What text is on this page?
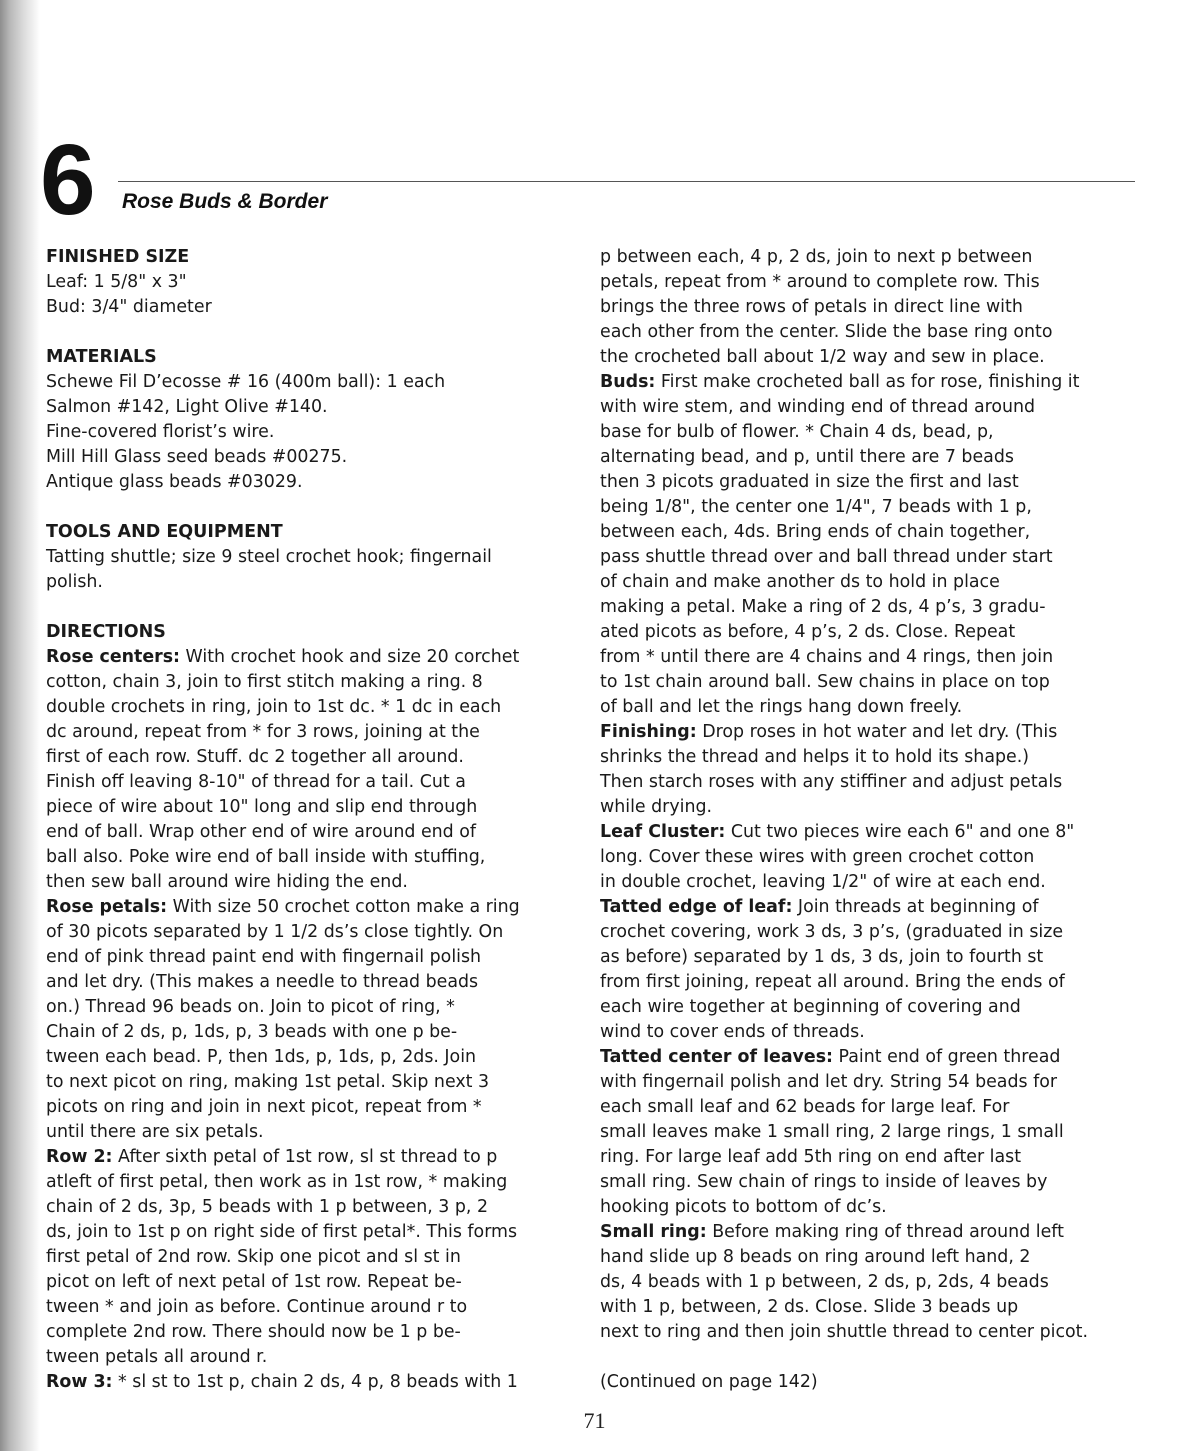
6 Rose Buds & Border
FINISHED SIZE
Leaf: 1 5/8" x 3"
Bud: 3/4" diameter
MATERIALS
Schewe Fil D’ecosse # 16 (400m ball): 1 each
Salmon #142, Light Olive #140.
Fine-covered florist’s wire.
Mill Hill Glass seed beads #00275.
Antique glass beads #03029.
TOOLS AND EQUIPMENT
Tatting shuttle; size 9 steel crochet hook; fingernail
polish.
DIRECTIONS
Rose centers: With crochet hook and size 20 corchet
cotton, chain 3, join to first stitch making a ring. 8
double crochets in ring, join to 1st dc. * 1 dc in each
dc around, repeat from * for 3 rows, joining at the
first of each row. Stuff. dc 2 together all around.
Finish off leaving 8-10" of thread for a tail. Cut a
piece of wire about 10" long and slip end through
end of ball. Wrap other end of wire around end of
ball also. Poke wire end of ball inside with stuffing,
then sew ball around wire hiding the end.
Rose petals: With size 50 crochet cotton make a ring
of 30 picots separated by 1 1/2 ds’s close tightly. On
end of pink thread paint end with fingernail polish
and let dry. (This makes a needle to thread beads
on.) Thread 96 beads on. Join to picot of ring, *
Chain of 2 ds, p, 1ds, p, 3 beads with one p be-
tween each bead. P, then 1ds, p, 1ds, p, 2ds. Join
to next picot on ring, making 1st petal. Skip next 3
picots on ring and join in next picot, repeat from *
until there are six petals.
Row 2: After sixth petal of 1st row, sl st thread to p
atleft of first petal, then work as in 1st row, * making
chain of 2 ds, 3p, 5 beads with 1 p between, 3 p, 2
ds, join to 1st p on right side of first petal*. This forms
first petal of 2nd row. Skip one picot and sl st in
picot on left of next petal of 1st row. Repeat be-
tween * and join as before. Continue around r to
complete 2nd row. There should now be 1 p be-
tween petals all around r.
Row 3: * sl st to 1st p, chain 2 ds, 4 p, 8 beads with 1
p between each, 4 p, 2 ds, join to next p between
petals, repeat from * around to complete row. This
brings the three rows of petals in direct line with
each other from the center. Slide the base ring onto
the crocheted ball about 1/2 way and sew in place.
Buds: First make crocheted ball as for rose, finishing it
with wire stem, and winding end of thread around
base for bulb of flower. * Chain 4 ds, bead, p,
alternating bead, and p, until there are 7 beads
then 3 picots graduated in size the first and last
being 1/8", the center one 1/4", 7 beads with 1 p,
between each, 4ds. Bring ends of chain together,
pass shuttle thread over and ball thread under start
of chain and make another ds to hold in place
making a petal. Make a ring of 2 ds, 4 p’s, 3 gradu-
ated picots as before, 4 p’s, 2 ds. Close. Repeat
from * until there are 4 chains and 4 rings, then join
to 1st chain around ball. Sew chains in place on top
of ball and let the rings hang down freely.
Finishing: Drop roses in hot water and let dry. (This
shrinks the thread and helps it to hold its shape.)
Then starch roses with any stiffiner and adjust petals
while drying.
Leaf Cluster: Cut two pieces wire each 6" and one 8"
long. Cover these wires with green crochet cotton
in double crochet, leaving 1/2" of wire at each end.
Tatted edge of leaf: Join threads at beginning of
crochet covering, work 3 ds, 3 p’s, (graduated in size
as before) separated by 1 ds, 3 ds, join to fourth st
from first joining, repeat all around. Bring the ends of
each wire together at beginning of covering and
wind to cover ends of threads.
Tatted center of leaves: Paint end of green thread
with fingernail polish and let dry. String 54 beads for
each small leaf and 62 beads for large leaf. For
small leaves make 1 small ring, 2 large rings, 1 small
ring. For large leaf add 5th ring on end after last
small ring. Sew chain of rings to inside of leaves by
hooking picots to bottom of dc’s.
Small ring: Before making ring of thread around left
hand slide up 8 beads on ring around left hand, 2
ds, 4 beads with 1 p between, 2 ds, p, 2ds, 4 beads
with 1 p, between, 2 ds. Close. Slide 3 beads up
next to ring and then join shuttle thread to center picot.
(Continued on page 142)
71
